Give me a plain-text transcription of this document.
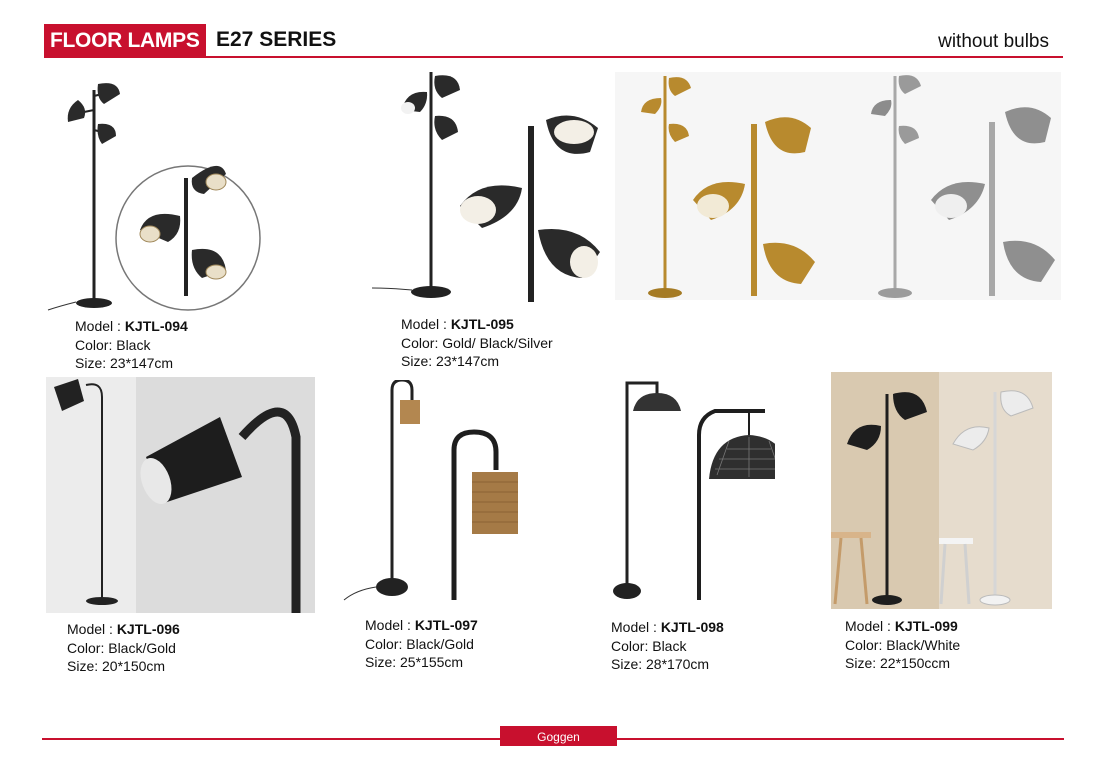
FLOOR LAMPS E27 SERIES	without bulbs
Model : KJTL-094
Color: Black
Size: 23*147cm
Model : KJTL-095
Color: Gold/ Black/Silver
Size: 23*147cm
Model : KJTL-096
Color: Black/Gold
Size: 20*150cm
Model : KJTL-097
Color: Black/Gold
Size: 25*155cm
Model : KJTL-098
Color: Black
Size: 28*170cm
Model : KJTL-099
Color: Black/White
Size: 22*150ccm
Goggen
